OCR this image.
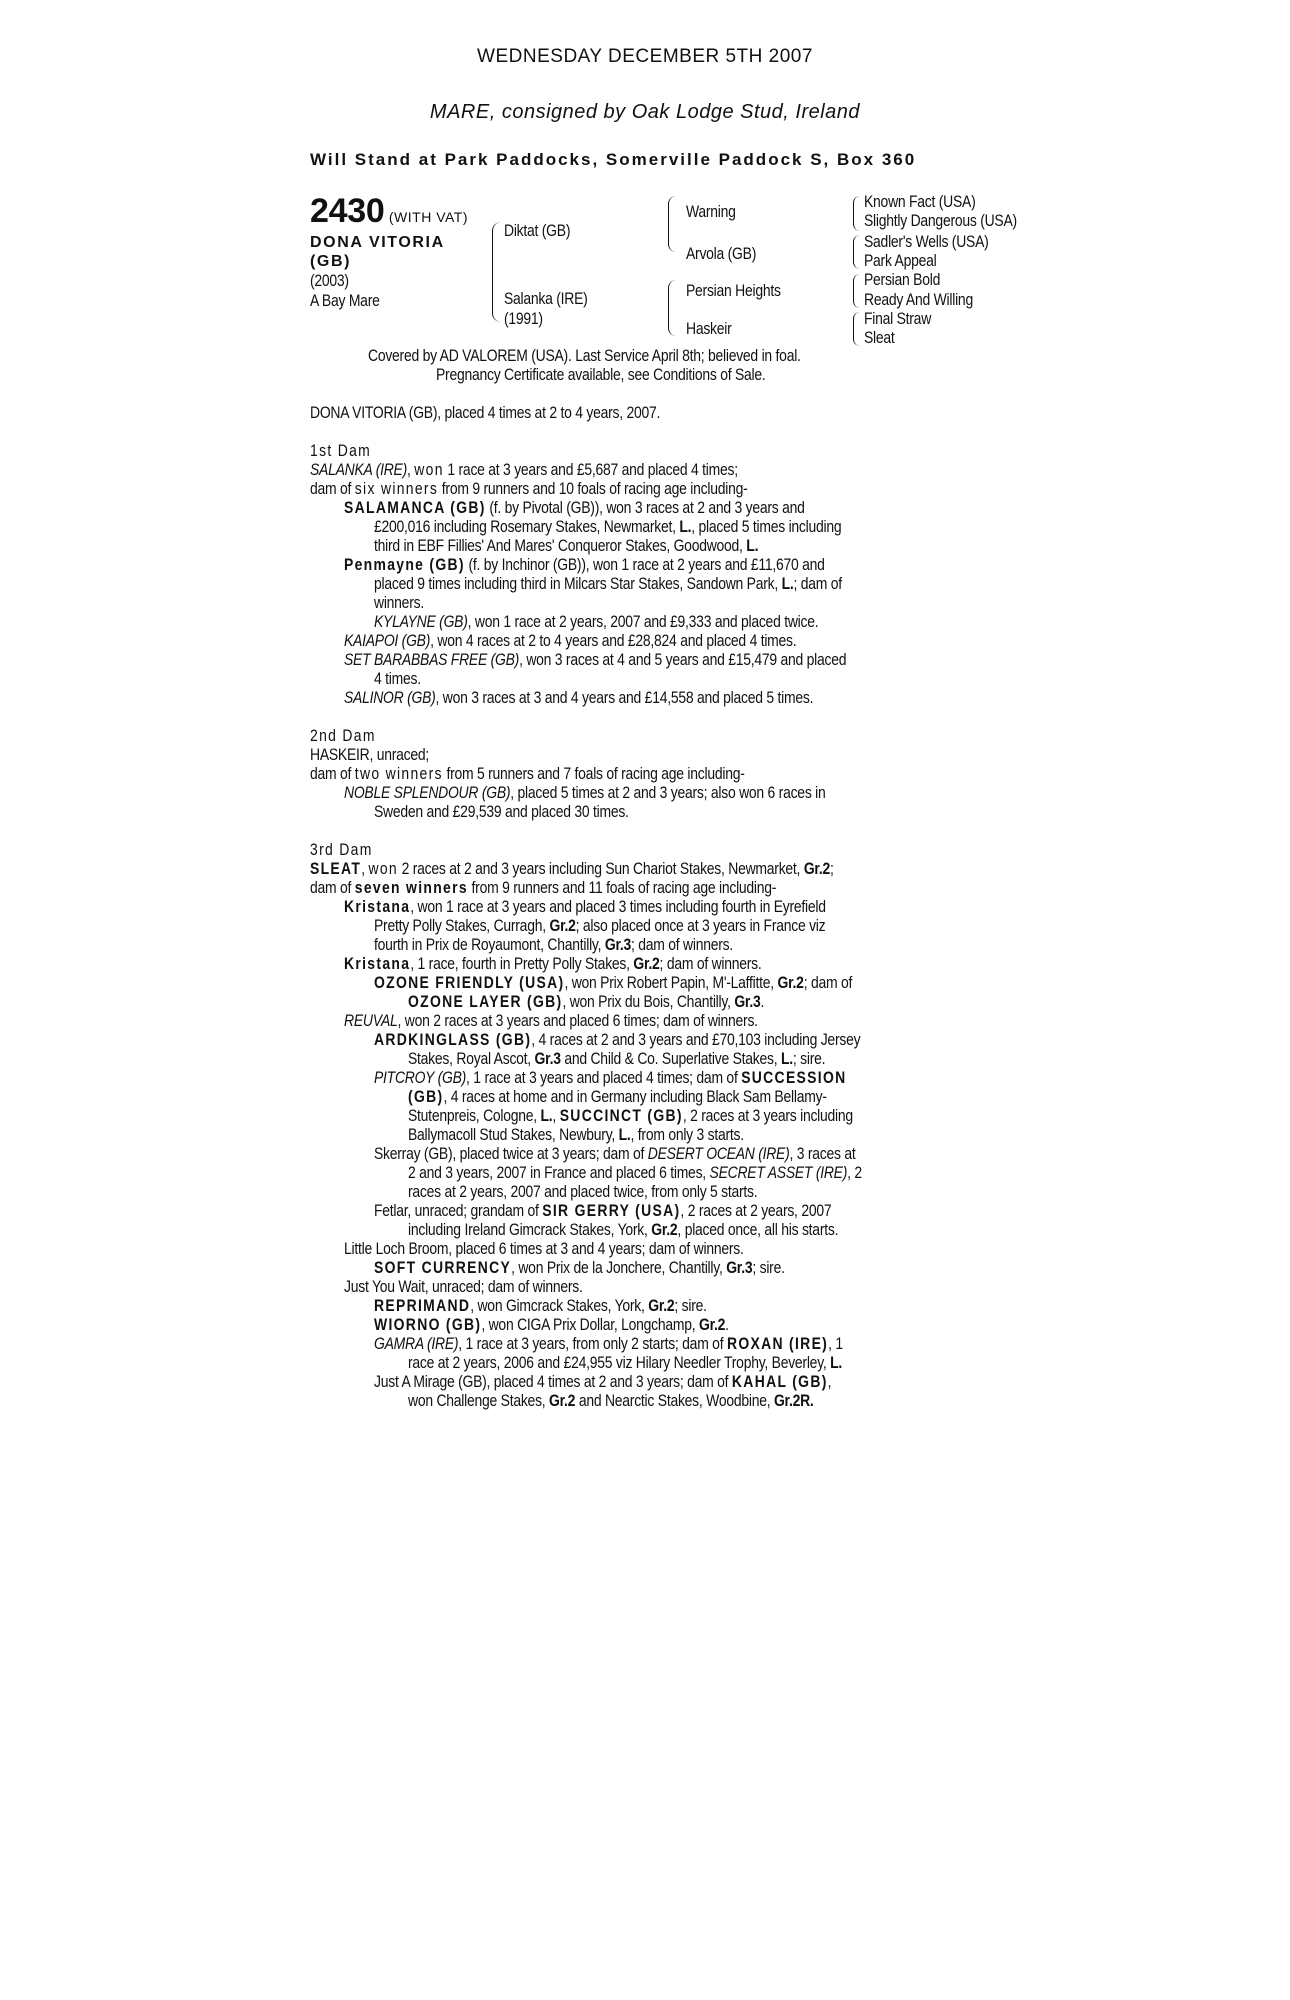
WEDNESDAY DECEMBER 5TH 2007
MARE, consigned by Oak Lodge Stud, Ireland
Will Stand at Park Paddocks, Somerville Paddock S, Box 360
2430 (WITH VAT)
DONA VITORIA
(GB)
(2003)
A Bay Mare
Diktat (GB)
Salanka (IRE)
(1991)
Warning
Arvola (GB)
Persian Heights
Haskeir
Known Fact (USA)
Slightly Dangerous (USA)
Sadler's Wells (USA)
Park Appeal
Persian Bold
Ready And Willing
Final Straw
Sleat
Covered by AD VALOREM (USA). Last Service April 8th; believed in foal.
Pregnancy Certificate available, see Conditions of Sale.
DONA VITORIA (GB), placed 4 times at 2 to 4 years, 2007.
1st Dam
SALANKA (IRE), won 1 race at 3 years and £5,687 and placed 4 times;
dam of six winners from 9 runners and 10 foals of racing age including-
SALAMANCA (GB) (f. by Pivotal (GB)), won 3 races at 2 and 3 years and
£200,016 including Rosemary Stakes, Newmarket, L., placed 5 times including
third in EBF Fillies' And Mares' Conqueror Stakes, Goodwood, L.
Penmayne (GB) (f. by Inchinor (GB)), won 1 race at 2 years and £11,670 and
placed 9 times including third in Milcars Star Stakes, Sandown Park, L.; dam of
winners.
KYLAYNE (GB), won 1 race at 2 years, 2007 and £9,333 and placed twice.
KAIAPOI (GB), won 4 races at 2 to 4 years and £28,824 and placed 4 times.
SET BARABBAS FREE (GB), won 3 races at 4 and 5 years and £15,479 and placed
4 times.
SALINOR (GB), won 3 races at 3 and 4 years and £14,558 and placed 5 times.
2nd Dam
HASKEIR, unraced;
dam of two winners from 5 runners and 7 foals of racing age including-
NOBLE SPLENDOUR (GB), placed 5 times at 2 and 3 years; also won 6 races in
Sweden and £29,539 and placed 30 times.
3rd Dam
SLEAT, won 2 races at 2 and 3 years including Sun Chariot Stakes, Newmarket, Gr.2;
dam of seven winners from 9 runners and 11 foals of racing age including-
Kristana, won 1 race at 3 years and placed 3 times including fourth in Eyrefield
Pretty Polly Stakes, Curragh, Gr.2; also placed once at 3 years in France viz
fourth in Prix de Royaumont, Chantilly, Gr.3; dam of winners.
Kristana, 1 race, fourth in Pretty Polly Stakes, Gr.2; dam of winners.
OZONE FRIENDLY (USA), won Prix Robert Papin, M'-Laffitte, Gr.2; dam of
OZONE LAYER (GB), won Prix du Bois, Chantilly, Gr.3.
REUVAL, won 2 races at 3 years and placed 6 times; dam of winners.
ARDKINGLASS (GB), 4 races at 2 and 3 years and £70,103 including Jersey
Stakes, Royal Ascot, Gr.3 and Child & Co. Superlative Stakes, L.; sire.
PITCROY (GB), 1 race at 3 years and placed 4 times; dam of SUCCESSION
(GB), 4 races at home and in Germany including Black Sam Bellamy-
Stutenpreis, Cologne, L., SUCCINCT (GB), 2 races at 3 years including
Ballymacoll Stud Stakes, Newbury, L., from only 3 starts.
Skerray (GB), placed twice at 3 years; dam of DESERT OCEAN (IRE), 3 races at
2 and 3 years, 2007 in France and placed 6 times, SECRET ASSET (IRE), 2
races at 2 years, 2007 and placed twice, from only 5 starts.
Fetlar, unraced; grandam of SIR GERRY (USA), 2 races at 2 years, 2007
including Ireland Gimcrack Stakes, York, Gr.2, placed once, all his starts.
Little Loch Broom, placed 6 times at 3 and 4 years; dam of winners.
SOFT CURRENCY, won Prix de la Jonchere, Chantilly, Gr.3; sire.
Just You Wait, unraced; dam of winners.
REPRIMAND, won Gimcrack Stakes, York, Gr.2; sire.
WIORNO (GB), won CIGA Prix Dollar, Longchamp, Gr.2.
GAMRA (IRE), 1 race at 3 years, from only 2 starts; dam of ROXAN (IRE), 1
race at 2 years, 2006 and £24,955 viz Hilary Needler Trophy, Beverley, L.
Just A Mirage (GB), placed 4 times at 2 and 3 years; dam of KAHAL (GB),
won Challenge Stakes, Gr.2 and Nearctic Stakes, Woodbine, Gr.2R.
